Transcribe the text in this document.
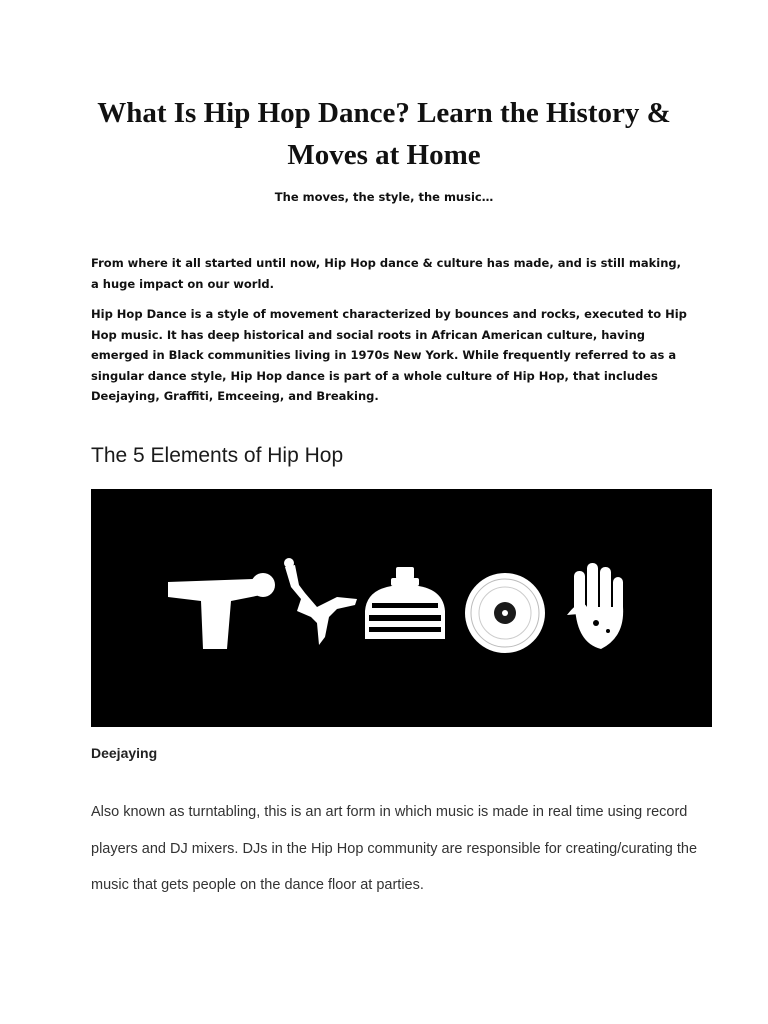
What Is Hip Hop Dance? Learn the History & Moves at Home

The moves, the style, the music…

From where it all started until now, Hip Hop dance & culture has made, and is still making, a huge impact on our world.

Hip Hop Dance is a style of movement characterized by bounces and rocks, executed to Hip Hop music. It has deep historical and social roots in African American culture, having emerged in Black communities living in 1970s New York. While frequently referred to as a singular dance style, Hip Hop dance is part of a whole culture of Hip Hop, that includes Deejaying, Graffiti, Emceeing, and Breaking.

The 5 Elements of Hip Hop
Deejaying

Also known as turntabling, this is an art form in which music is made in real time using record players and DJ mixers. DJs in the Hip Hop community are responsible for creating/curating the music that gets people on the dance floor at parties.
